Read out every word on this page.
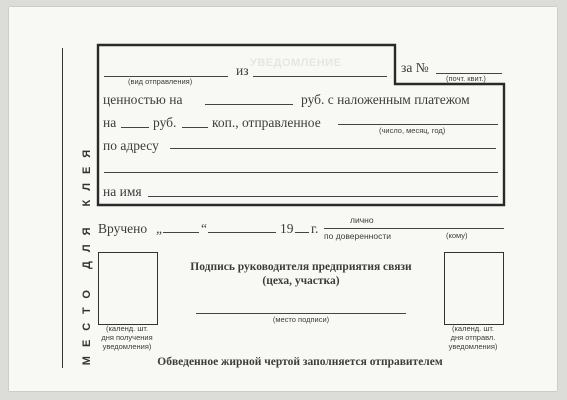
МЕСТО ДЛЯ КЛЕЯ
УВЕДОМЛЕНИЕ
(вид отправления)
из	за №
(почт. квит.)
ценностью на	руб. с наложенным платежом
на	руб.	коп., отправленное
(число, месяц, год)
по адресу
на имя
Вручено „	“	19 г.
лично
по доверенности	(кому)
(календ. шт.
дня получения
уведомления)
(календ. шт.
дня отправл.
уведомления)
Подпись руководителя предприятия связи
(цеха, участка)
(место подписи)
Обведенное жирной чертой заполняется отправителем
